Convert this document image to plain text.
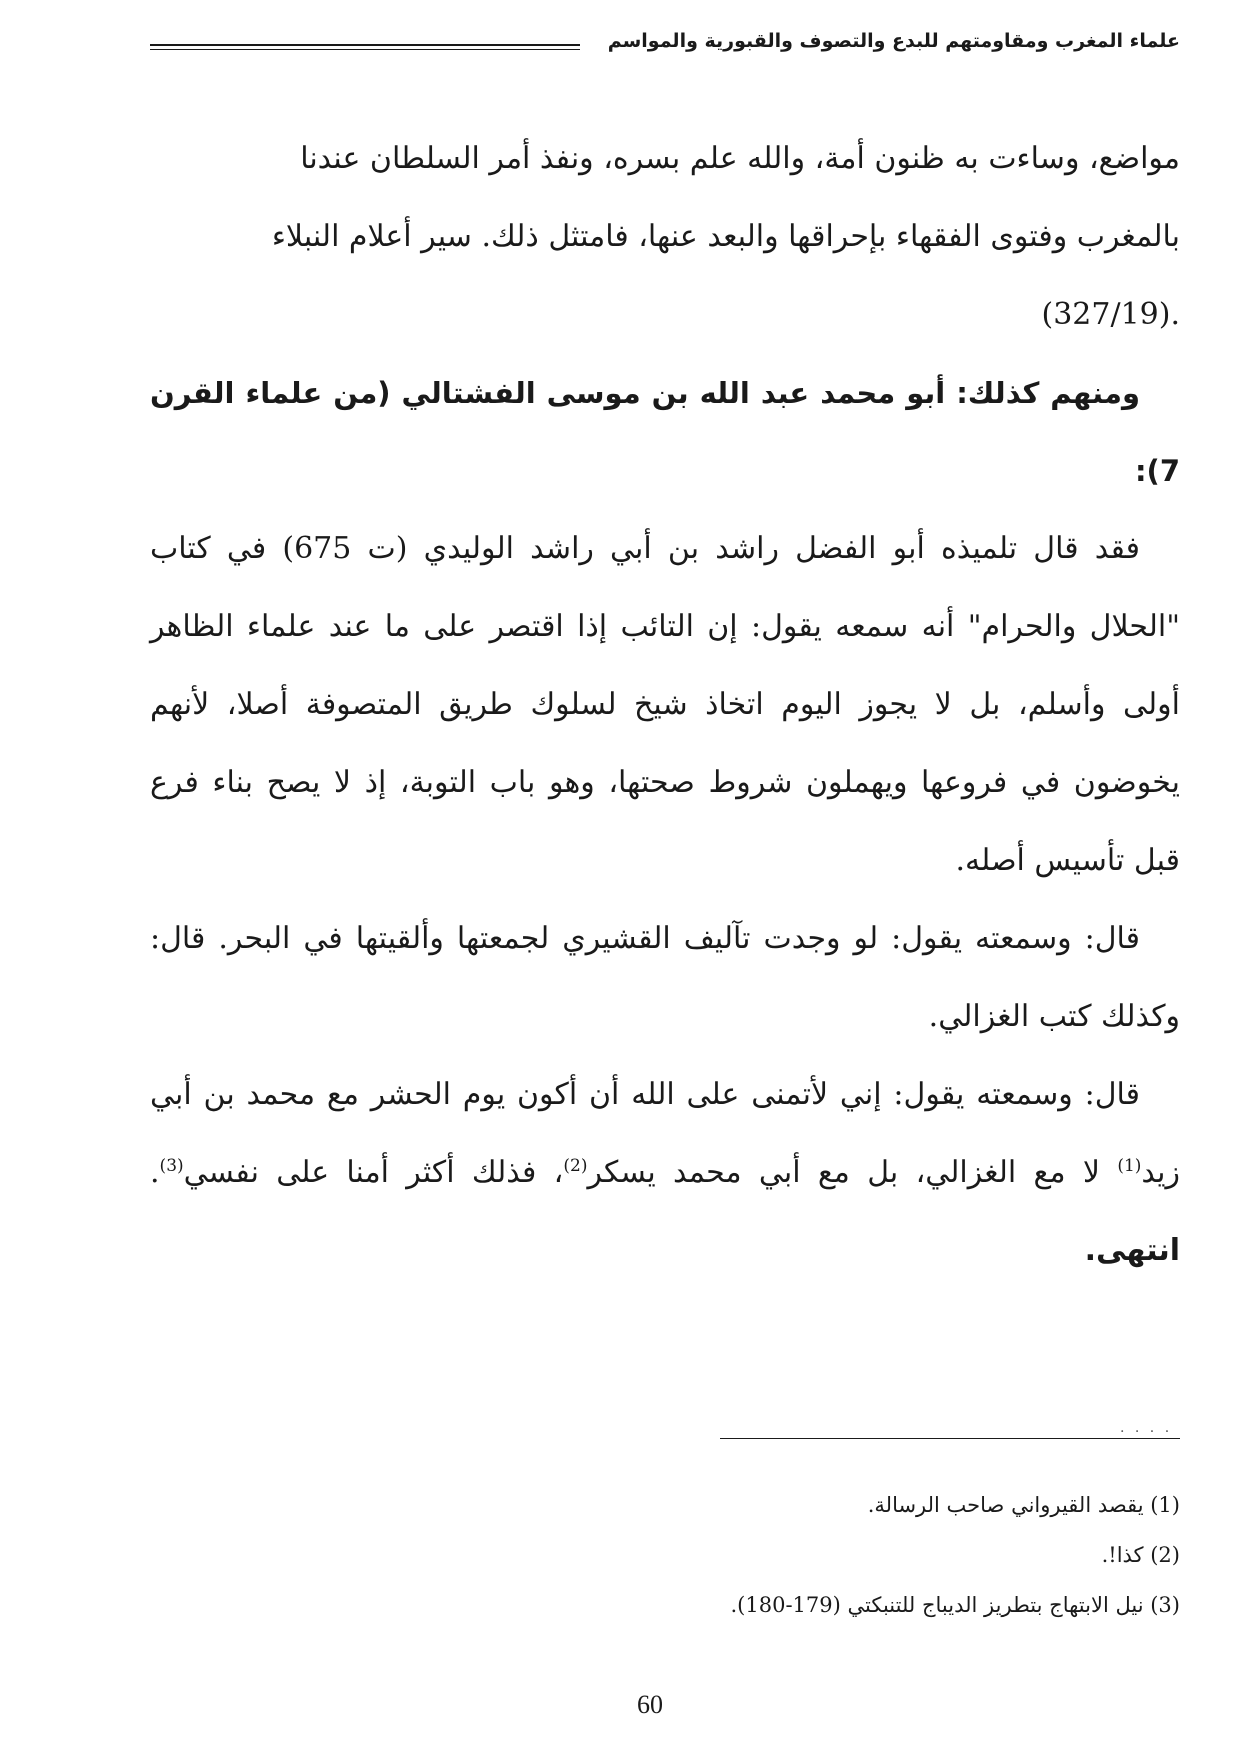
علماء المغرب ومقاومتهم للبدع والتصوف والقبورية والمواسم

مواضع، وساءت به ظنون أمة، والله علم بسره، ونفذ أمر السلطان عندنا

بالمغرب وفتوى الفقهاء بإحراقها والبعد عنها، فامتثل ذلك. سير أعلام النبلاء

.(327/19)

ومنهم كذلك: أبو محمد عبد الله بن موسى الفشتالي (من علماء القرن 7):

فقد قال تلميذه أبو الفضل راشد بن أبي راشد الوليدي (ت 675) في كتاب "الحلال والحرام" أنه سمعه يقول: إن التائب إذا اقتصر على ما عند علماء الظاهر أولى وأسلم، بل لا يجوز اليوم اتخاذ شيخ لسلوك طريق المتصوفة أصلا، لأنهم يخوضون في فروعها ويهملون شروط صحتها، وهو باب التوبة، إذ لا يصح بناء فرع قبل تأسيس أصله.

قال: وسمعته يقول: لو وجدت تآليف القشيري لجمعتها وألقيتها في البحر. قال: وكذلك كتب الغزالي.

قال: وسمعته يقول: إني لأتمنى على الله أن أكون يوم الحشر مع محمد بن أبي زيد$^{(1)}$ لا مع الغزالي، بل مع أبي محمد يسكر$^{(2)}$، فذلك أكثر أمنا على نفسي$^{(3)}$. انتهى.

. . . .

(1) يقصد القيرواني صاحب الرسالة.

(2) كذا!.

(3) نيل الابتهاج بتطريز الديباج للتنبكتي (179-180).

60
